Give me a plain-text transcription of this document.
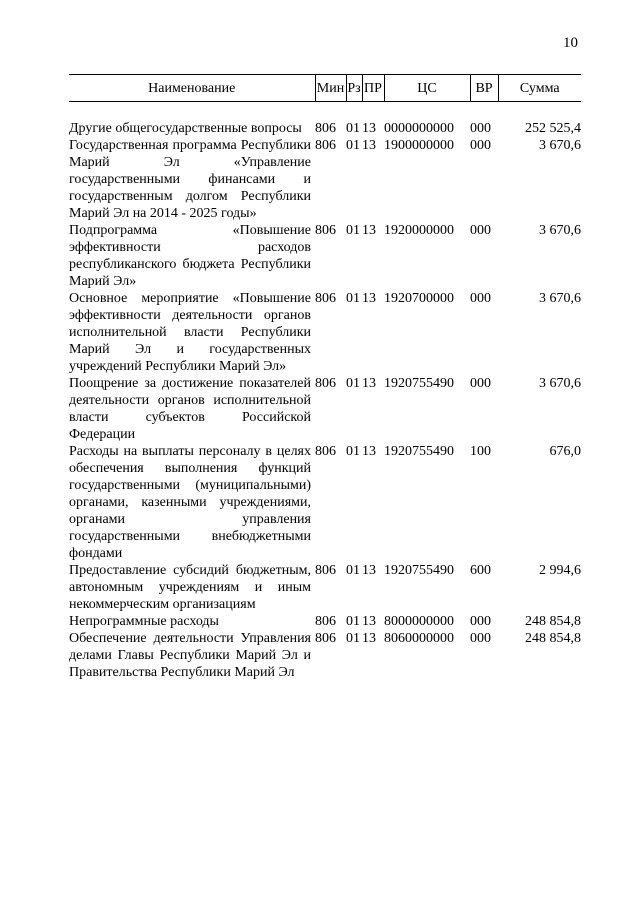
10
Наименование	Мин	Рз	ПР	ЦС	ВР	Сумма

Другие общегосударственные вопросы	806	01	13	0000000000	000	252 525,4
Государственная программа Республики Марий Эл «Управление государственными финансами и государственным долгом Республики Марий Эл на 2014 - 2025 годы»	806	01	13	1900000000	000	3 670,6
Подпрограмма «Повышение эффективности расходов республиканского бюджета Республики Марий Эл»	806	01	13	1920000000	000	3 670,6
Основное мероприятие «Повышение эффективности деятельности органов исполнительной власти Республики Марий Эл и государственных учреждений Республики Марий Эл»	806	01	13	1920700000	000	3 670,6
Поощрение за достижение показателей деятельности органов исполнительной власти субъектов Российской Федерации	806	01	13	1920755490	000	3 670,6
Расходы на выплаты персоналу в целях обеспечения выполнения функций государственными (муниципальными) органами, казенными учреждениями, органами управления государственными внебюджетными фондами	806	01	13	1920755490	100	676,0
Предоставление субсидий бюджетным, автономным учреждениям и иным некоммерческим организациям	806	01	13	1920755490	600	2 994,6
Непрограммные расходы	806	01	13	8000000000	000	248 854,8
Обеспечение деятельности Управления делами Главы Республики Марий Эл и Правительства Республики Марий Эл	806	01	13	8060000000	000	248 854,8
